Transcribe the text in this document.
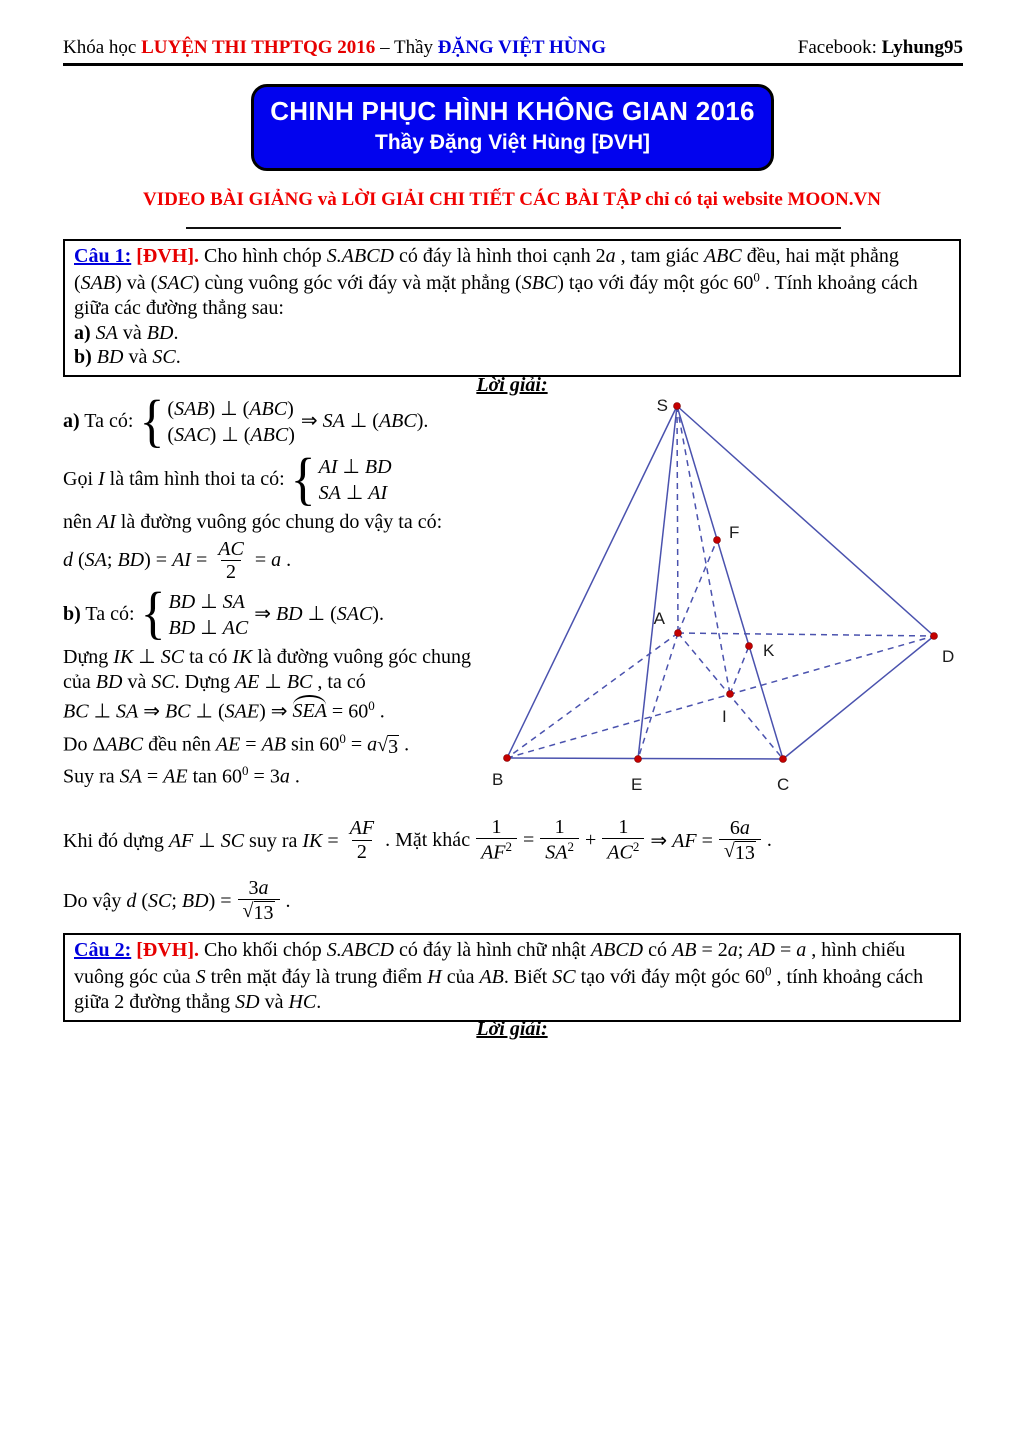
Khóa học LUYỆN THI THPTQG 2016 – Thầy ĐẶNG VIỆT HÙNG	Facebook: Lyhung95
CHINH PHỤC HÌNH KHÔNG GIAN 2016
Thầy Đặng Việt Hùng [ĐVH]
VIDEO BÀI GIẢNG và LỜI GIẢI CHI TIẾT CÁC BÀI TẬP chỉ có tại website MOON.VN
Câu 1: [ĐVH]. Cho hình chóp S.ABCD có đáy là hình thoi cạnh 2a , tam giác ABC đều, hai mặt phẳng (SAB) và (SAC) cùng vuông góc với đáy và mặt phẳng (SBC) tạo với đáy một góc $60^0$ . Tính khoảng cách giữa các đường thẳng sau:
a) SA và BD.
b) BD và SC.
Lời giải:
a) Ta có: { (SAB) ⊥ (ABC)
(SAC) ⊥ (ABC)
⇒ SA ⊥ (ABC).
Gọi I là tâm hình thoi ta có: { AI ⊥ BD
SA ⊥ AI
nên AI là đường vuông góc chung do vậy ta có:
d (SA; BD) = AI = $\frac{AC}{2} = a$ .
b) Ta có: { BD ⊥ SA
BD ⊥ AC
⇒ BD ⊥ (SAC).
Dựng IK ⊥ SC ta có IK là đường vuông góc chung của BD và SC. Dựng AE ⊥ BC , ta có
BC ⊥ SA ⇒ BC ⊥ (SAE) ⇒ SEA = $60^0$ .
Do ΔABC đều nên AE = AB $\sin 60^0 = a$ √ 3 .
Suy ra SA = AE $\tan 60^0 = 3a$ .
S
A
B	E	C
D
F
K
I
Khi đó dựng AF ⊥ SC suy ra IK = $\frac{AF}{2}$ . Mặt khác $\frac{1}{AF^2} = \frac{1}{SA^2} + \frac{1}{AC^2}$ ⇒ AF = $\frac{6a}{√ 13}$ .
Do vậy d (SC; $BD) = \frac{3a}{√ 13}$ .
Câu 2: [ĐVH]. Cho khối chóp S.ABCD có đáy là hình chữ nhật ABCD có AB = 2a; AD = a , hình chiếu vuông góc của S trên mặt đáy là trung điểm H của AB. Biết SC tạo với đáy một góc $60^0$ , tính khoảng cách giữa 2 đường thẳng SD và HC.
Lời giải:
